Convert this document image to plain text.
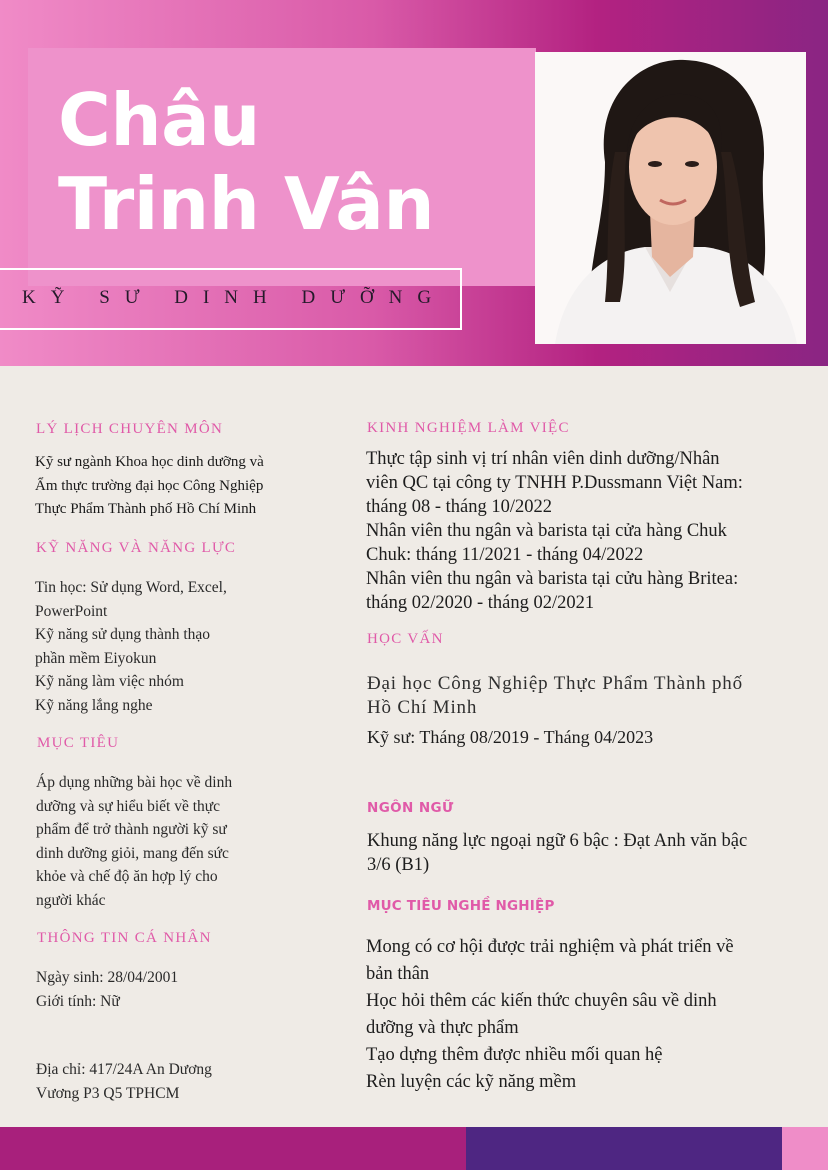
Châu
Trinh Vân
KỸ SƯ DINH DƯỠNG
LÝ LỊCH CHUYÊN MÔN
Kỹ sư ngành Khoa học dinh dưỡng và
Ẩm thực trường đại học Công Nghiệp
Thực Phẩm Thành phố Hồ Chí Minh
KỸ NĂNG VÀ NĂNG LỰC
Tin học: Sử dụng Word, Excel,
PowerPoint
Kỹ năng sử dụng thành thạo
phần mềm Eiyokun
Kỹ năng làm việc nhóm
Kỹ năng lắng nghe
MỤC TIÊU
Áp dụng những bài học về dinh
dưỡng và sự hiểu biết về thực
phẩm để trở thành người kỹ sư
dinh dưỡng giỏi, mang đến sức
khỏe và chế độ ăn hợp lý cho
người khác
THÔNG TIN CÁ NHÂN
Ngày sinh: 28/04/2001
Giới tính: Nữ
Địa chỉ: 417/24A An Dương
Vương P3 Q5 TPHCM
KINH NGHIỆM LÀM VIỆC
Thực tập sinh vị trí nhân viên dinh dưỡng/Nhân
viên QC tại công ty TNHH P.Dussmann Việt Nam:
tháng 08 - tháng 10/2022
Nhân viên thu ngân và barista tại cửa hàng Chuk
Chuk: tháng 11/2021 - tháng 04/2022
Nhân viên thu ngân và barista tại cửu hàng Britea:
tháng 02/2020 - tháng 02/2021
HỌC VẤN
Đại học Công Nghiệp Thực Phẩm Thành phố
Hồ Chí Minh
Kỹ sư: Tháng 08/2019 - Tháng 04/2023
NGÔN NGỮ
Khung năng lực ngoại ngữ 6 bậc : Đạt Anh văn bậc
3/6 (B1)
MỤC TIÊU NGHỀ NGHIỆP
Mong có cơ hội được trải nghiệm và phát triển về
bản thân
Học hỏi thêm các kiến thức chuyên sâu về dinh
dưỡng và thực phẩm
Tạo dựng thêm được nhiều mối quan hệ
Rèn luyện các kỹ năng mềm
